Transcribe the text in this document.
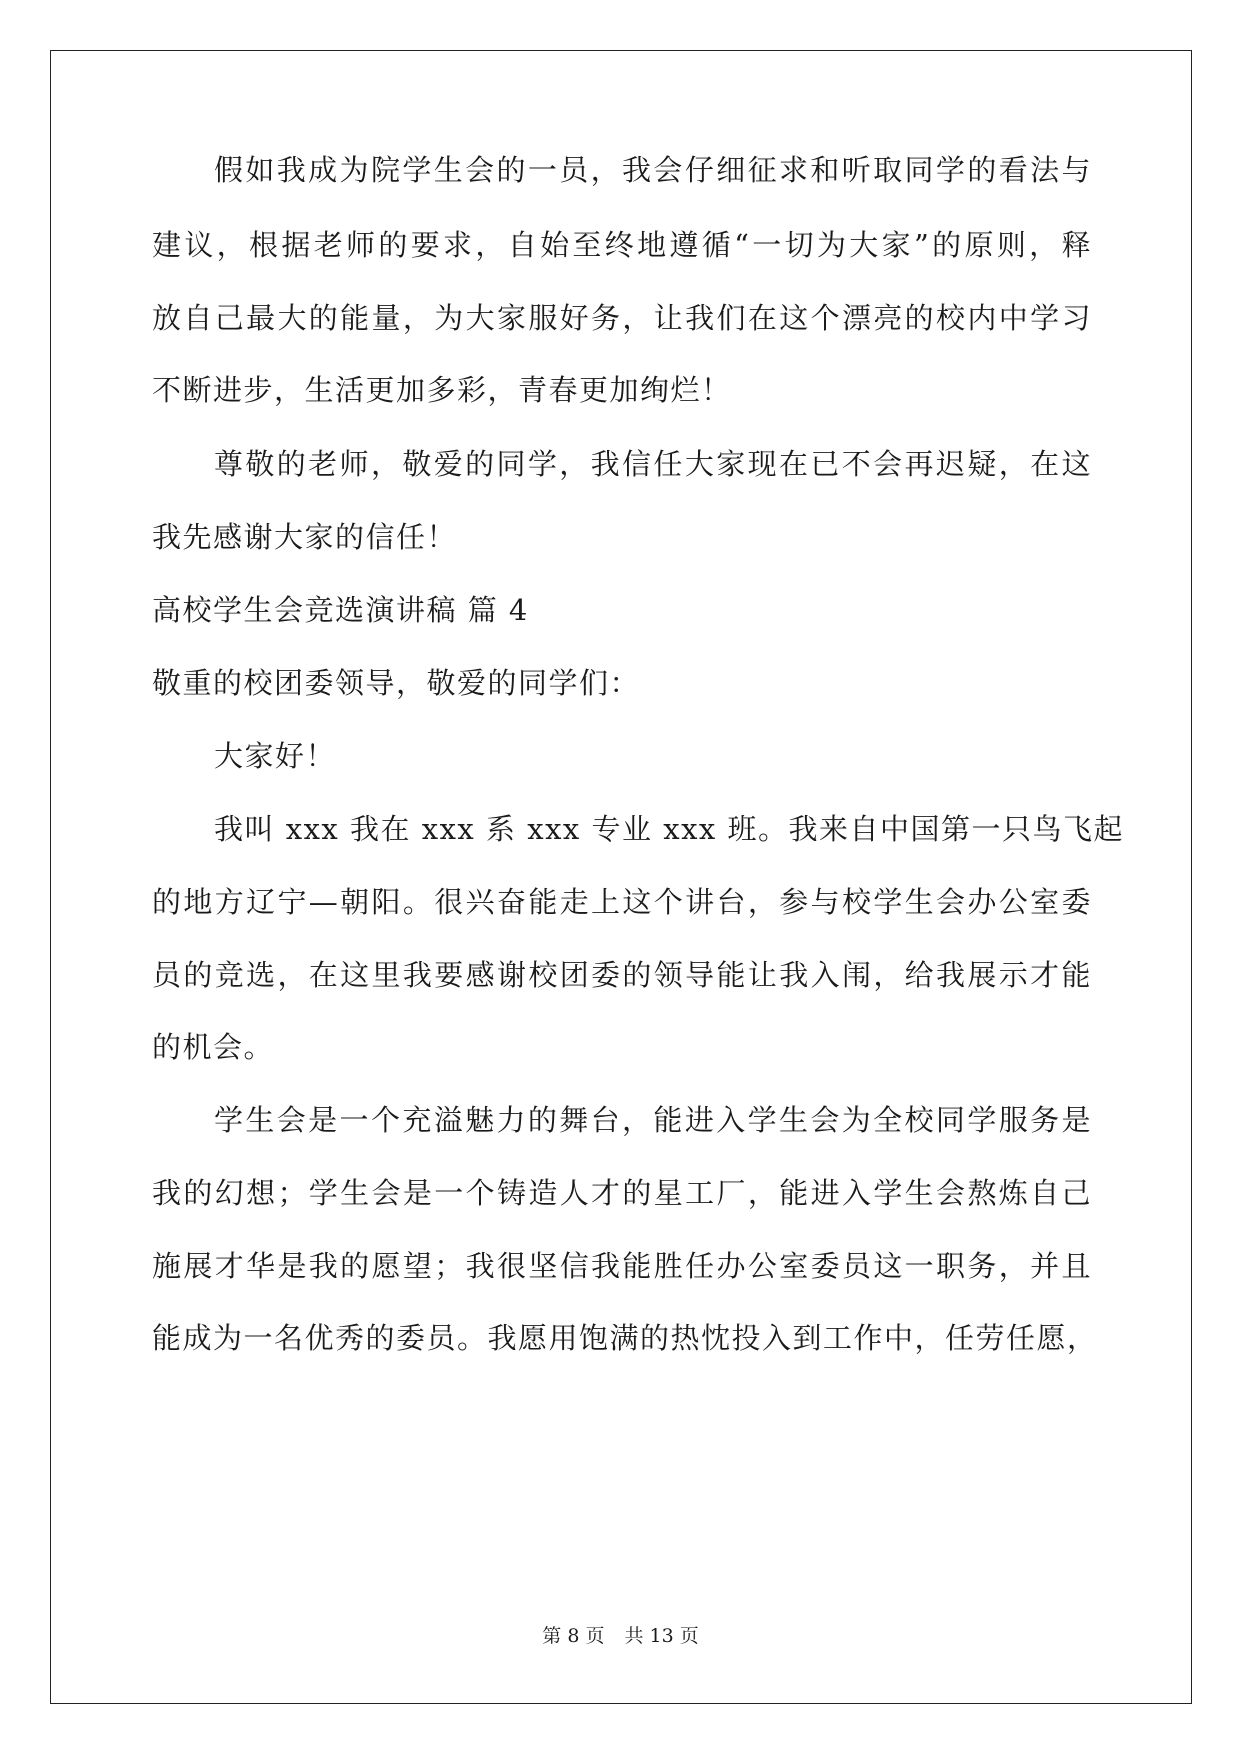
假如我成为院学生会的一员，我会仔细征求和听取同学的看法与
建议，根据老师的要求，自始至终地遵循“一切为大家”的原则，释
放自己最大的能量，为大家服好务，让我们在这个漂亮的校内中学习
不断进步，生活更加多彩，青春更加绚烂！
尊敬的老师，敬爱的同学，我信任大家现在已不会再迟疑，在这
我先感谢大家的信任！
高校学生会竞选演讲稿 篇 4
敬重的校团委领导，敬爱的同学们：
大家好！
我叫 xxx 我在 xxx 系 xxx 专业 xxx 班。我来自中国第一只鸟飞起
的地方辽宁—朝阳。很兴奋能走上这个讲台，参与校学生会办公室委
员的竞选，在这里我要感谢校团委的领导能让我入闱，给我展示才能
的机会。
学生会是一个充溢魅力的舞台，能进入学生会为全校同学服务是
我的幻想；学生会是一个铸造人才的星工厂，能进入学生会熬炼自己
施展才华是我的愿望；我很坚信我能胜任办公室委员这一职务，并且
能成为一名优秀的委员。我愿用饱满的热忱投入到工作中，任劳任愿，
第 8 页 共 13 页
